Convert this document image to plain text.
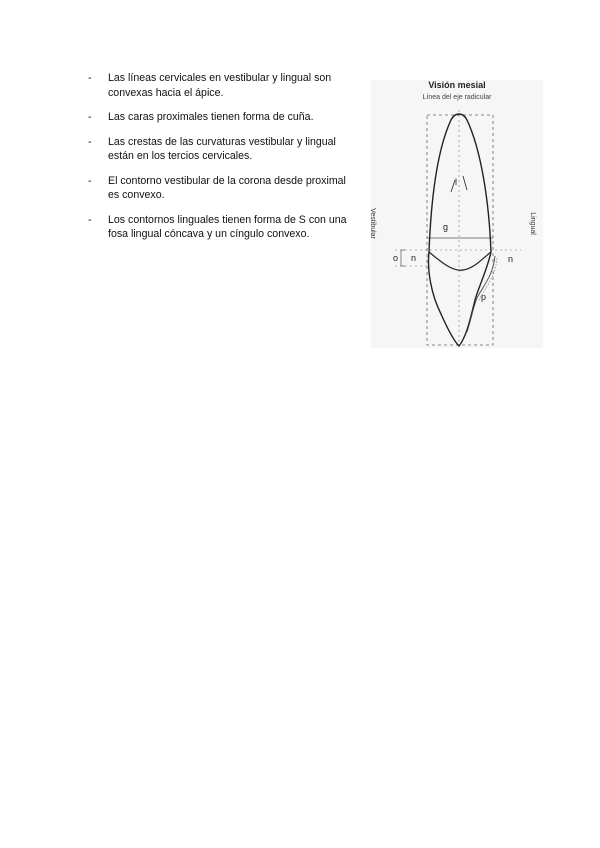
-	Las líneas cervicales en vestibular y lingual son convexas hacia el ápice.
-	Las caras proximales tienen forma de cuña.
-	Las crestas de las curvaturas vestibular y lingual están en los tercios cervicales.
-	El contorno vestibular de la corona desde proximal es convexo.
-	Los contornos linguales tienen forma de S con una fosa lingual cóncava y un cíngulo convexo.
Visión mesial
Línea del eje radicular
l
g
o n	n
p
Vestibular	Lingual
